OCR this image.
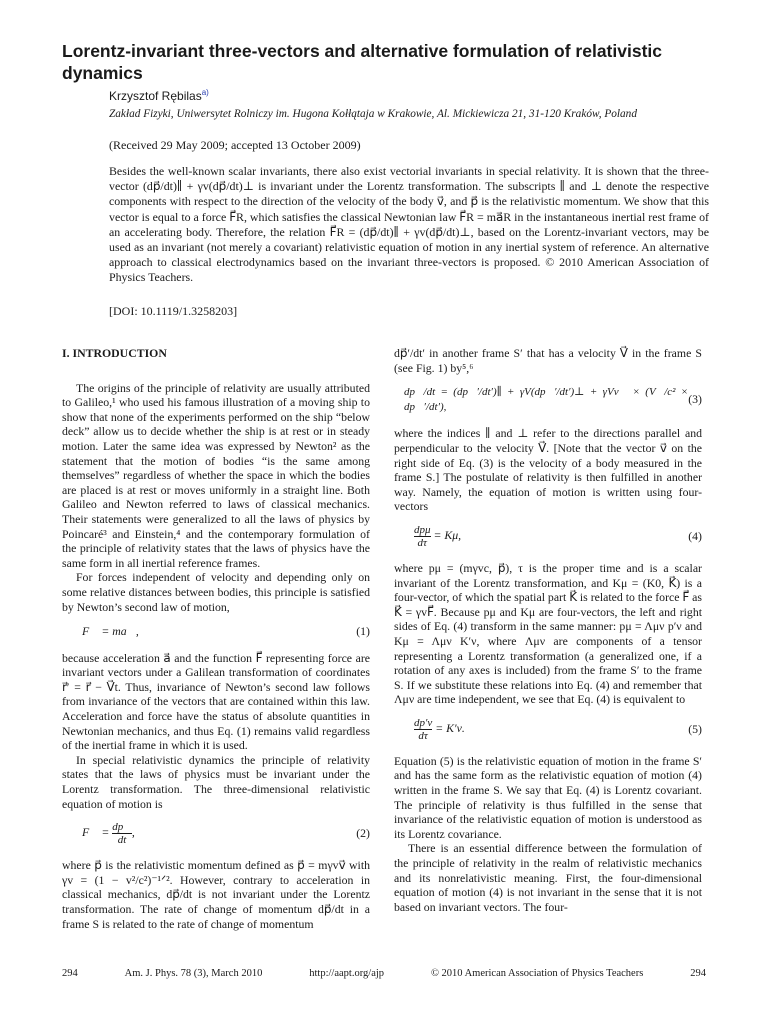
Lorentz-invariant three-vectors and alternative formulation of relativistic dynamics
Krzysztof Rębilas$^{a)}$
Zakład Fizyki, Uniwersytet Rolniczy im. Hugona Kołłątaja w Krakowie, Al. Mickiewicza 21, 31-120 Kraków, Poland
(Received 29 May 2009; accepted 13 October 2009)

Besides the well-known scalar invariants, there also exist vectorial invariants in special relativity. It is shown that the three-vector (dp⃗/dt)∥ + γv(dp⃗/dt)⊥ is invariant under the Lorentz transformation. The subscripts ∥ and ⊥ denote the respective components with respect to the direction of the velocity of the body v⃗, and p⃗ is the relativistic momentum. We show that this vector is equal to a force F⃗R, which satisfies the classical Newtonian law F⃗R = ma⃗R in the instantaneous inertial rest frame of an accelerating body. Therefore, the relation F⃗R = (dp⃗/dt)∥ + γv(dp⃗/dt)⊥, based on the Lorentz-invariant vectors, may be used as an invariant (not merely a covariant) relativistic equation of motion in any inertial system of reference. An alternative approach to classical electrodynamics based on the invariant three-vectors is proposed. © 2010 American Association of Physics Teachers.

[DOI: 10.1119/1.3258203]
I. INTRODUCTION

The origins of the principle of relativity are usually attributed to Galileo,¹ who used his famous illustration of a moving ship to show that none of the experiments performed on the ship “below deck” allow us to decide whether the ship is at rest or in steady motion. Later the same idea was expressed by Newton² as the statement that the motion of bodies “is the same among themselves” regardless of whether the space in which the bodies are placed is at rest or moves uniformly in a straight line. Both Galileo and Newton referred to laws of classical mechanics. Their statements were generalized to all the laws of physics by Poincaré³ and Einstein,⁴ and the contemporary formulation of the principle of relativity states that the laws of physics have the same form in all inertial reference frames.

For forces independent of velocity and depending only on some relative distances between bodies, this principle is satisfied by Newton’s second law of motion,

F⃗ = ma⃗,	(1)

because acceleration a⃗ and the function F⃗ representing force are invariant vectors under a Galilean transformation of coordinates r⃗′ = r⃗ − V⃗t. Thus, invariance of Newton’s second law follows from invariance of the vectors that are contained within this law. Acceleration and force have the status of absolute quantities in Newtonian mechanics, and thus Eq. (1) remains valid regardless of the inertial frame in which it is used.

In special relativistic dynamics the principle of relativity states that the laws of physics must be invariant under the Lorentz transformation. The three-dimensional relativistic equation of motion is

F⃗ = $\frac{dp⃗}{dt}$ ,	(2)

where p⃗ is the relativistic momentum defined as p⃗ = mγvv⃗ with γv = (1 − v²/c²)⁻¹ᐟ². However, contrary to acceleration in classical mechanics, dp⃗/dt is not invariant under the Lorentz transformation. The rate of change of momentum dp⃗/dt in a frame S is related to the rate of change of momentum

dp⃗′/dt′ in another frame S′ that has a velocity V⃗ in the frame S (see Fig. 1) by⁵,⁶

dp⃗/dt = (dp⃗′/dt′)∥ + γV(dp⃗′/dt′)⊥ + γVv⃗ × (V⃗/c² × dp⃗′/dt′),
(3)

where the indices ∥ and ⊥ refer to the directions parallel and perpendicular to the velocity V⃗. [Note that the vector v⃗ on the right side of Eq. (3) is the velocity of a body measured in the frame S.] The postulate of relativity is then fulfilled in another way. Namely, the equation of motion is written using four-vectors

$\frac{\text{dpμ}}{d\tau} = K\mu$,	(4)

where pμ = (mγvc, p⃗), τ is the proper time and is a scalar invariant of the Lorentz transformation, and Kμ = (K0, K⃗) is a four-vector, of which the spatial part K⃗ is related to the force F⃗ as K⃗ = γvF⃗. Because pμ and Kμ are four-vectors, the left and right sides of Eq. (4) transform in the same manner: pμ = Λμν p′ν and Kμ = Λμν K′ν, where Λμν are components of a tensor representing a Lorentz transformation (a generalized one, if a rotation of any axes is included) from the frame S′ to the frame S. If we substitute these relations into Eq. (4) and remember that Λμν are time independent, we see that Eq. (4) is equivalent to

$\frac{dp'\nu}{d\tau} = K'\nu$.	(5)

Equation (5) is the relativistic equation of motion in the frame S′ and has the same form as the relativistic equation of motion (4) written in the frame S. We say that Eq. (4) is Lorentz covariant. The principle of relativity is thus fulfilled in the sense that invariance of the relativistic equation of motion is understood as its Lorentz covariance.

There is an essential difference between the formulation of the principle of relativity in the realm of relativistic mechanics and its nonrelativistic meaning. First, the four-dimensional equation of motion (4) is not invariant in the sense that it is not based on invariant vectors. The four-

294	Am. J. Phys. 78 (3), March 2010	http://aapt.org/ajp	© 2010 American Association of Physics Teachers	294
